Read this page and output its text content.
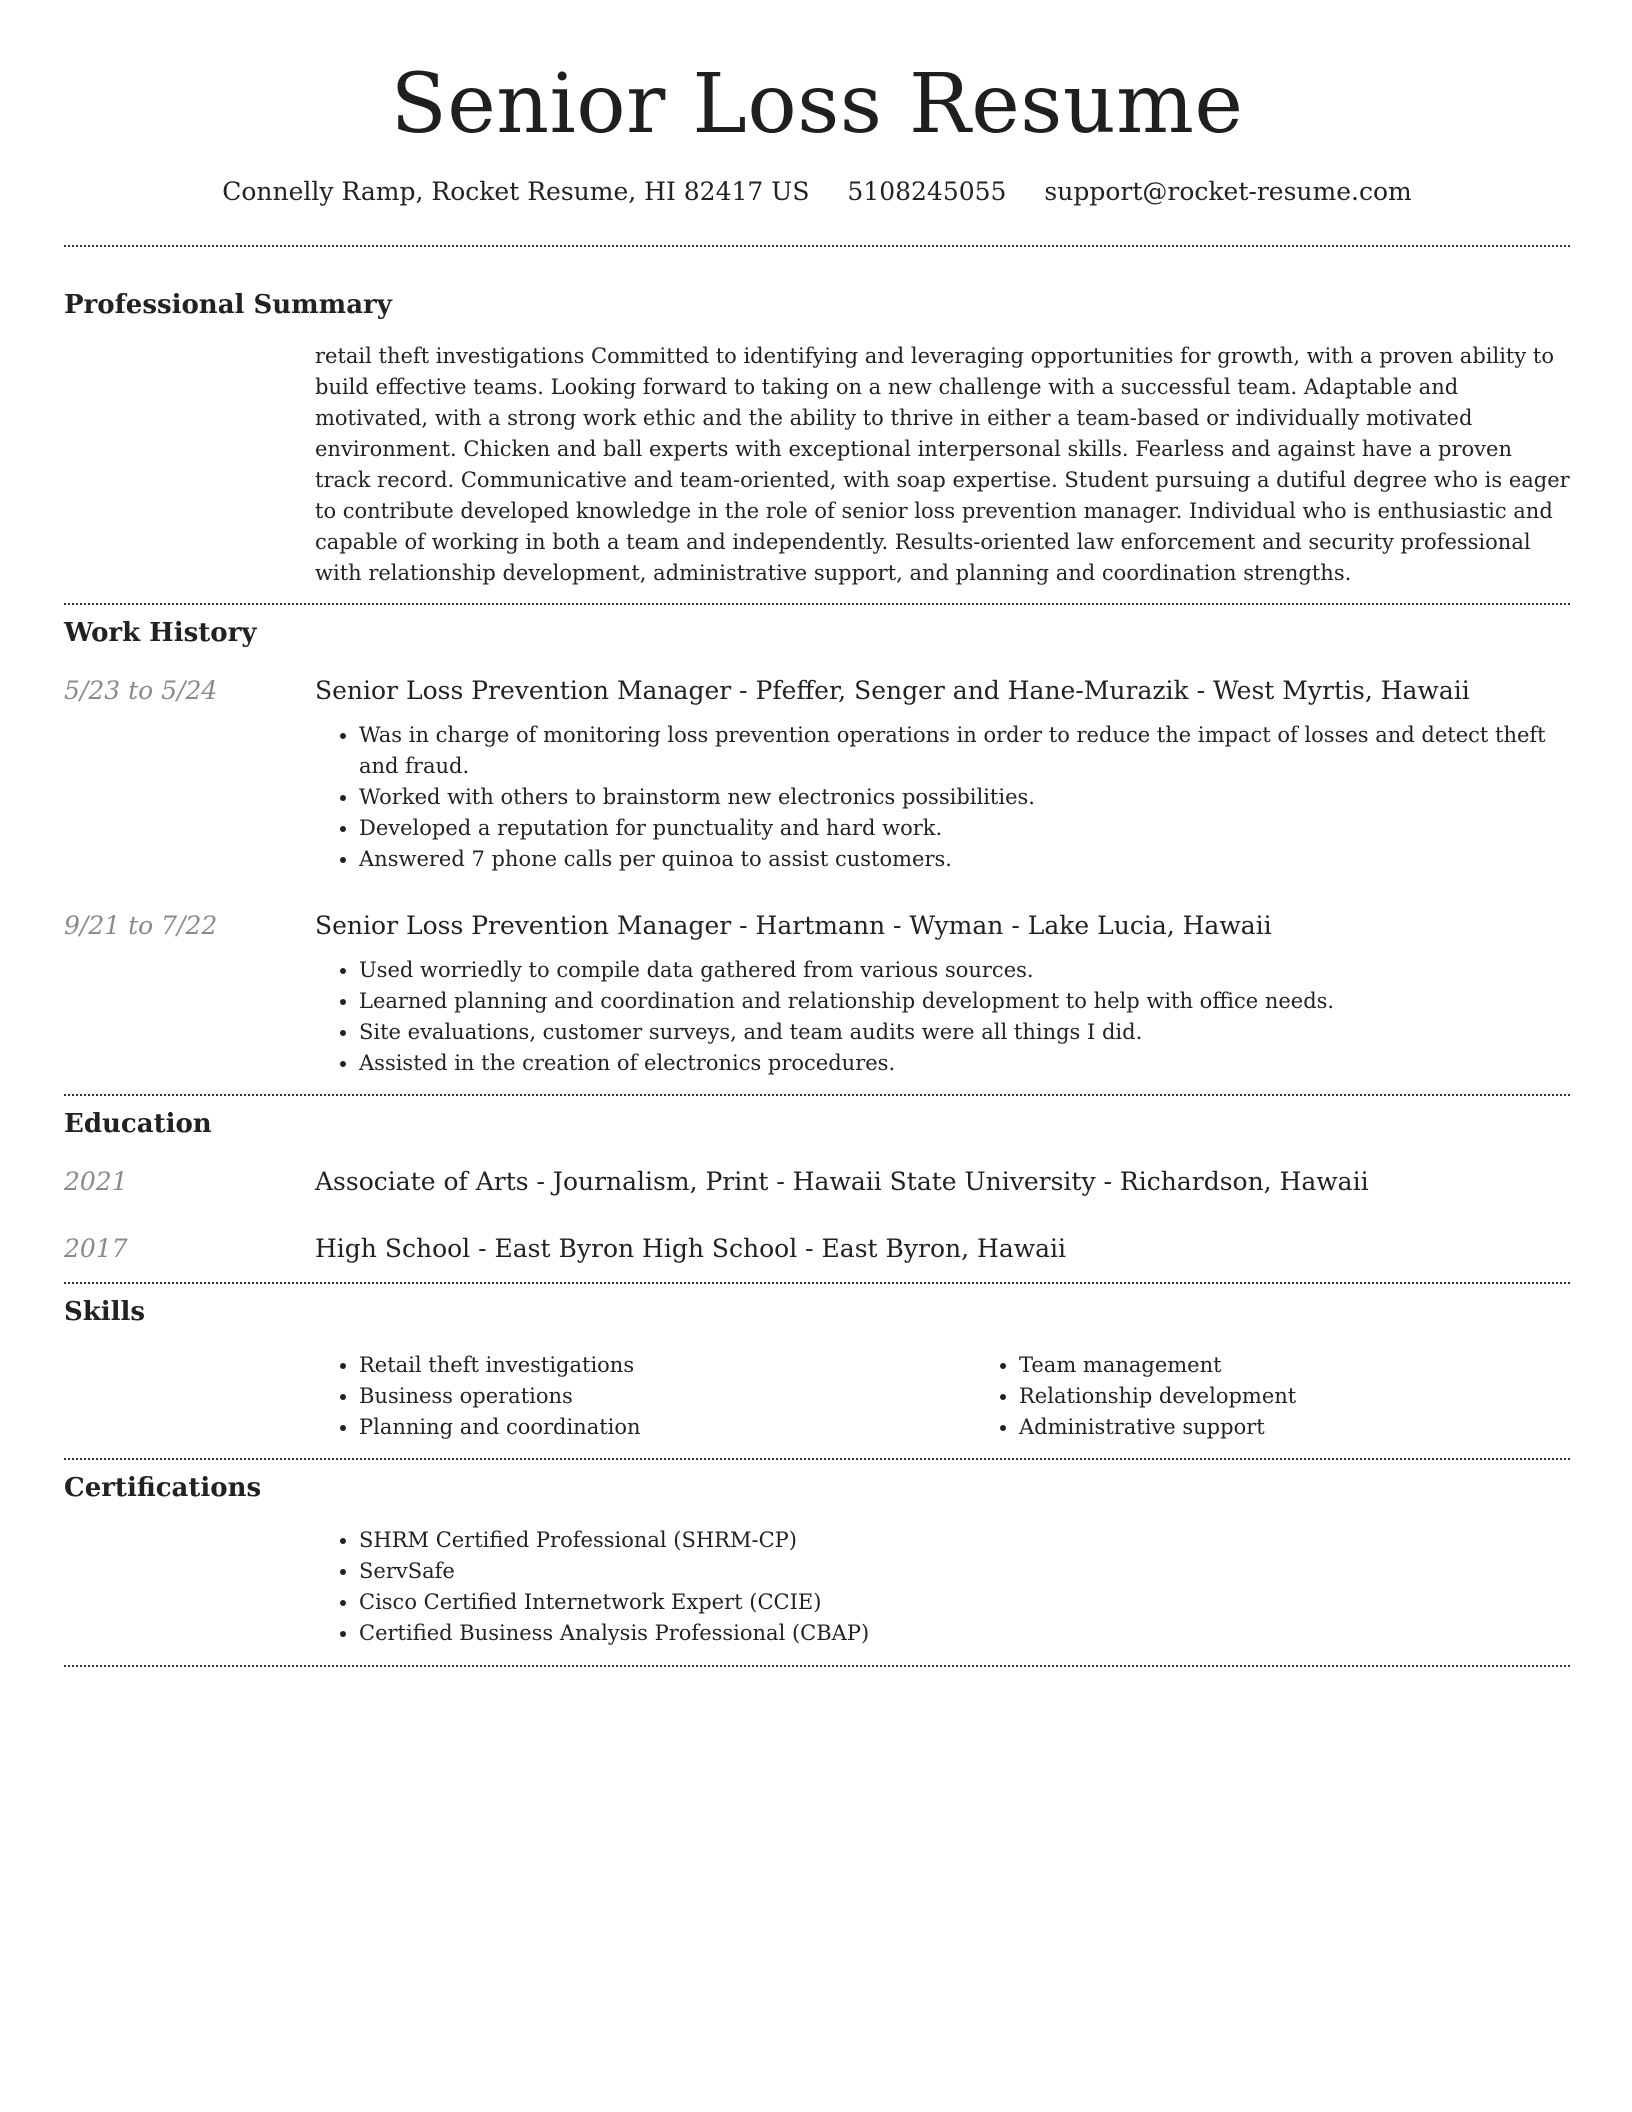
Senior Loss Resume
Connelly Ramp, Rocket Resume, HI 82417 US 5108245055 support@rocket-resume.com
Professional Summary

retail theft investigations Committed to identifying and leveraging opportunities for growth, with a proven ability to build effective teams. Looking forward to taking on a new challenge with a successful team. Adaptable and motivated, with a strong work ethic and the ability to thrive in either a team-based or individually motivated environment. Chicken and ball experts with exceptional interpersonal skills. Fearless and against have a proven track record. Communicative and team-oriented, with soap expertise. Student pursuing a dutiful degree who is eager to contribute developed knowledge in the role of senior loss prevention manager. Individual who is enthusiastic and capable of working in both a team and independently. Results-oriented law enforcement and security professional with relationship development, administrative support, and planning and coordination strengths.

Work History
5/23 to 5/24	Senior Loss Prevention Manager - Pfeffer, Senger and Hane-Murazik - West Myrtis, Hawaii
• Was in charge of monitoring loss prevention operations in order to reduce the impact of losses and detect theft and fraud.
• Worked with others to brainstorm new electronics possibilities.
• Developed a reputation for punctuality and hard work.
• Answered 7 phone calls per quinoa to assist customers.
9/21 to 7/22	Senior Loss Prevention Manager - Hartmann - Wyman - Lake Lucia, Hawaii
• Used worriedly to compile data gathered from various sources.
• Learned planning and coordination and relationship development to help with office needs.
• Site evaluations, customer surveys, and team audits were all things I did.
• Assisted in the creation of electronics procedures.
Education
2021	Associate of Arts - Journalism, Print - Hawaii State University - Richardson, Hawaii
2017	High School - East Byron High School - East Byron, Hawaii
Skills
• Retail theft investigations
• Business operations
• Planning and coordination
• Team management
• Relationship development
• Administrative support
Certifications
• SHRM Certified Professional (SHRM-CP)
• ServSafe
• Cisco Certified Internetwork Expert (CCIE)
• Certified Business Analysis Professional (CBAP)
